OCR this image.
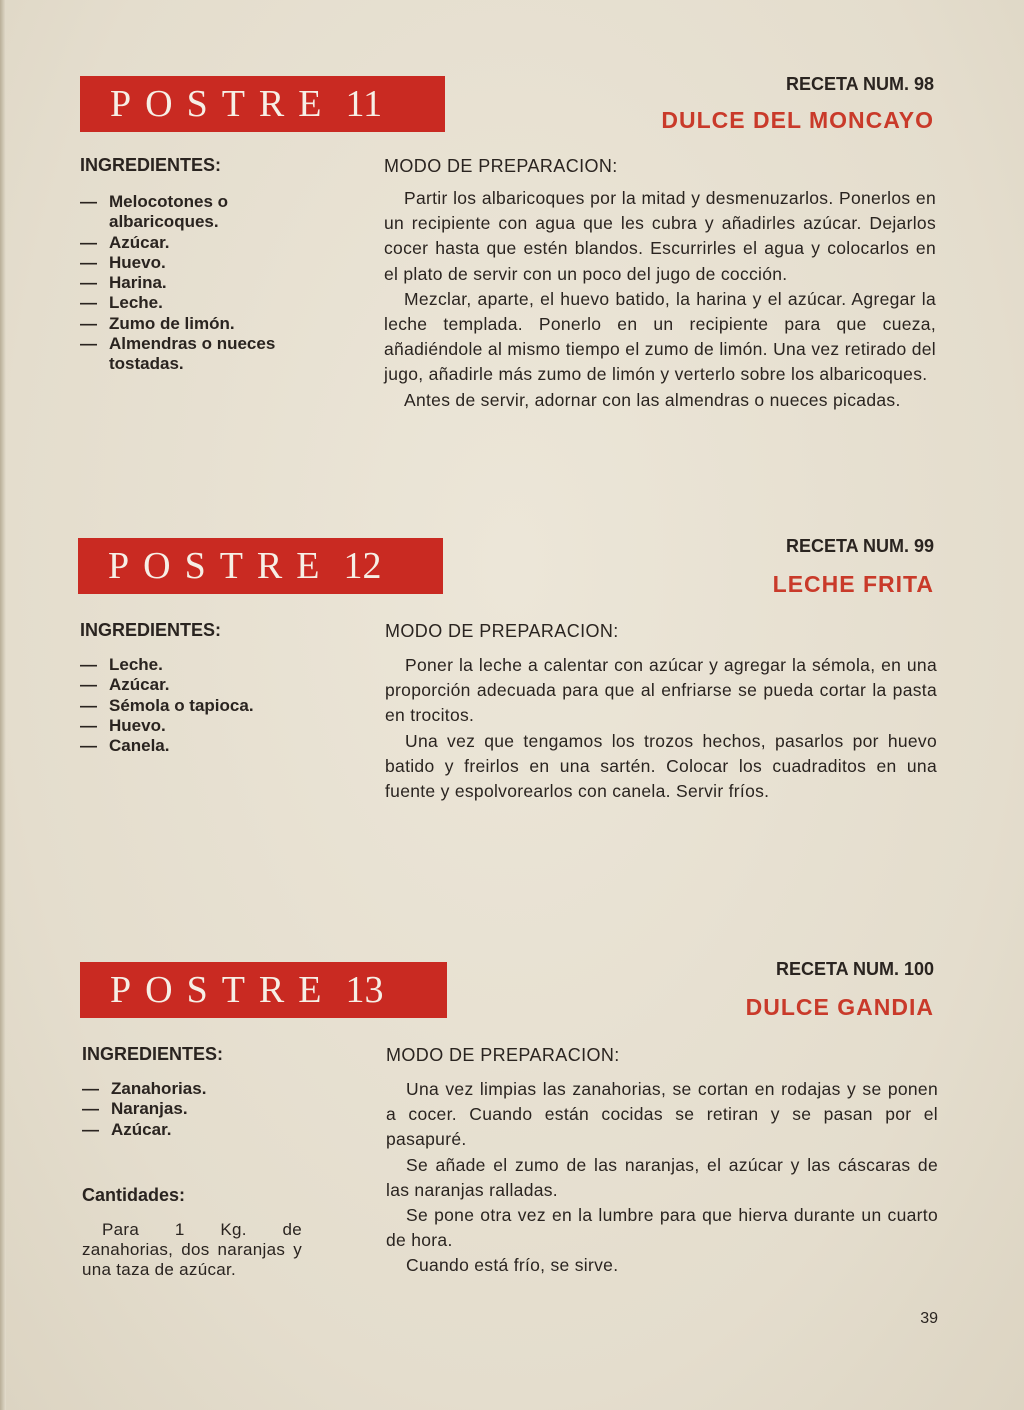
POSTRE 11	RECETA NUM. 98
DULCE DEL MONCAYO
INGREDIENTES:
— Melocotones o albaricoques.
— Azúcar.
— Huevo.
— Harina.
— Leche.
— Zumo de limón.
— Almendras o nueces tostadas.
MODO DE PREPARACION:

Partir los albaricoques por la mitad y desmenuzarlos. Ponerlos en un recipiente con agua que les cubra y añadirles azúcar. Dejarlos cocer hasta que estén blandos. Escurrirles el agua y colocarlos en el plato de servir con un poco del jugo de cocción.

Mezclar, aparte, el huevo batido, la harina y el azúcar. Agregar la leche templada. Ponerlo en un recipiente para que cueza, añadiéndole al mismo tiempo el zumo de limón. Una vez retirado del jugo, añadirle más zumo de limón y verterlo sobre los albaricoques.

Antes de servir, adornar con las almendras o nueces picadas.

POSTRE 12	RECETA NUM. 99
LECHE FRITA
INGREDIENTES:
— Leche.
— Azúcar.
— Sémola o tapioca.
— Huevo.
— Canela.
MODO DE PREPARACION:

Poner la leche a calentar con azúcar y agregar la sémola, en una proporción adecuada para que al enfriarse se pueda cortar la pasta en trocitos.

Una vez que tengamos los trozos hechos, pasarlos por huevo batido y freirlos en una sartén. Colocar los cuadraditos en una fuente y espolvorearlos con canela. Servir fríos.

POSTRE 13	RECETA NUM. 100
DULCE GANDIA
INGREDIENTES:
— Zanahorias.
— Naranjas.
— Azúcar.
Cantidades:
Para 1 Kg. de zanahorias, dos naranjas y una taza de azúcar.
MODO DE PREPARACION:

Una vez limpias las zanahorias, se cortan en rodajas y se ponen a cocer. Cuando están cocidas se retiran y se pasan por el pasapuré.

Se añade el zumo de las naranjas, el azúcar y las cáscaras de las naranjas ralladas.

Se pone otra vez en la lumbre para que hierva durante un cuarto de hora.

Cuando está frío, se sirve.

39
